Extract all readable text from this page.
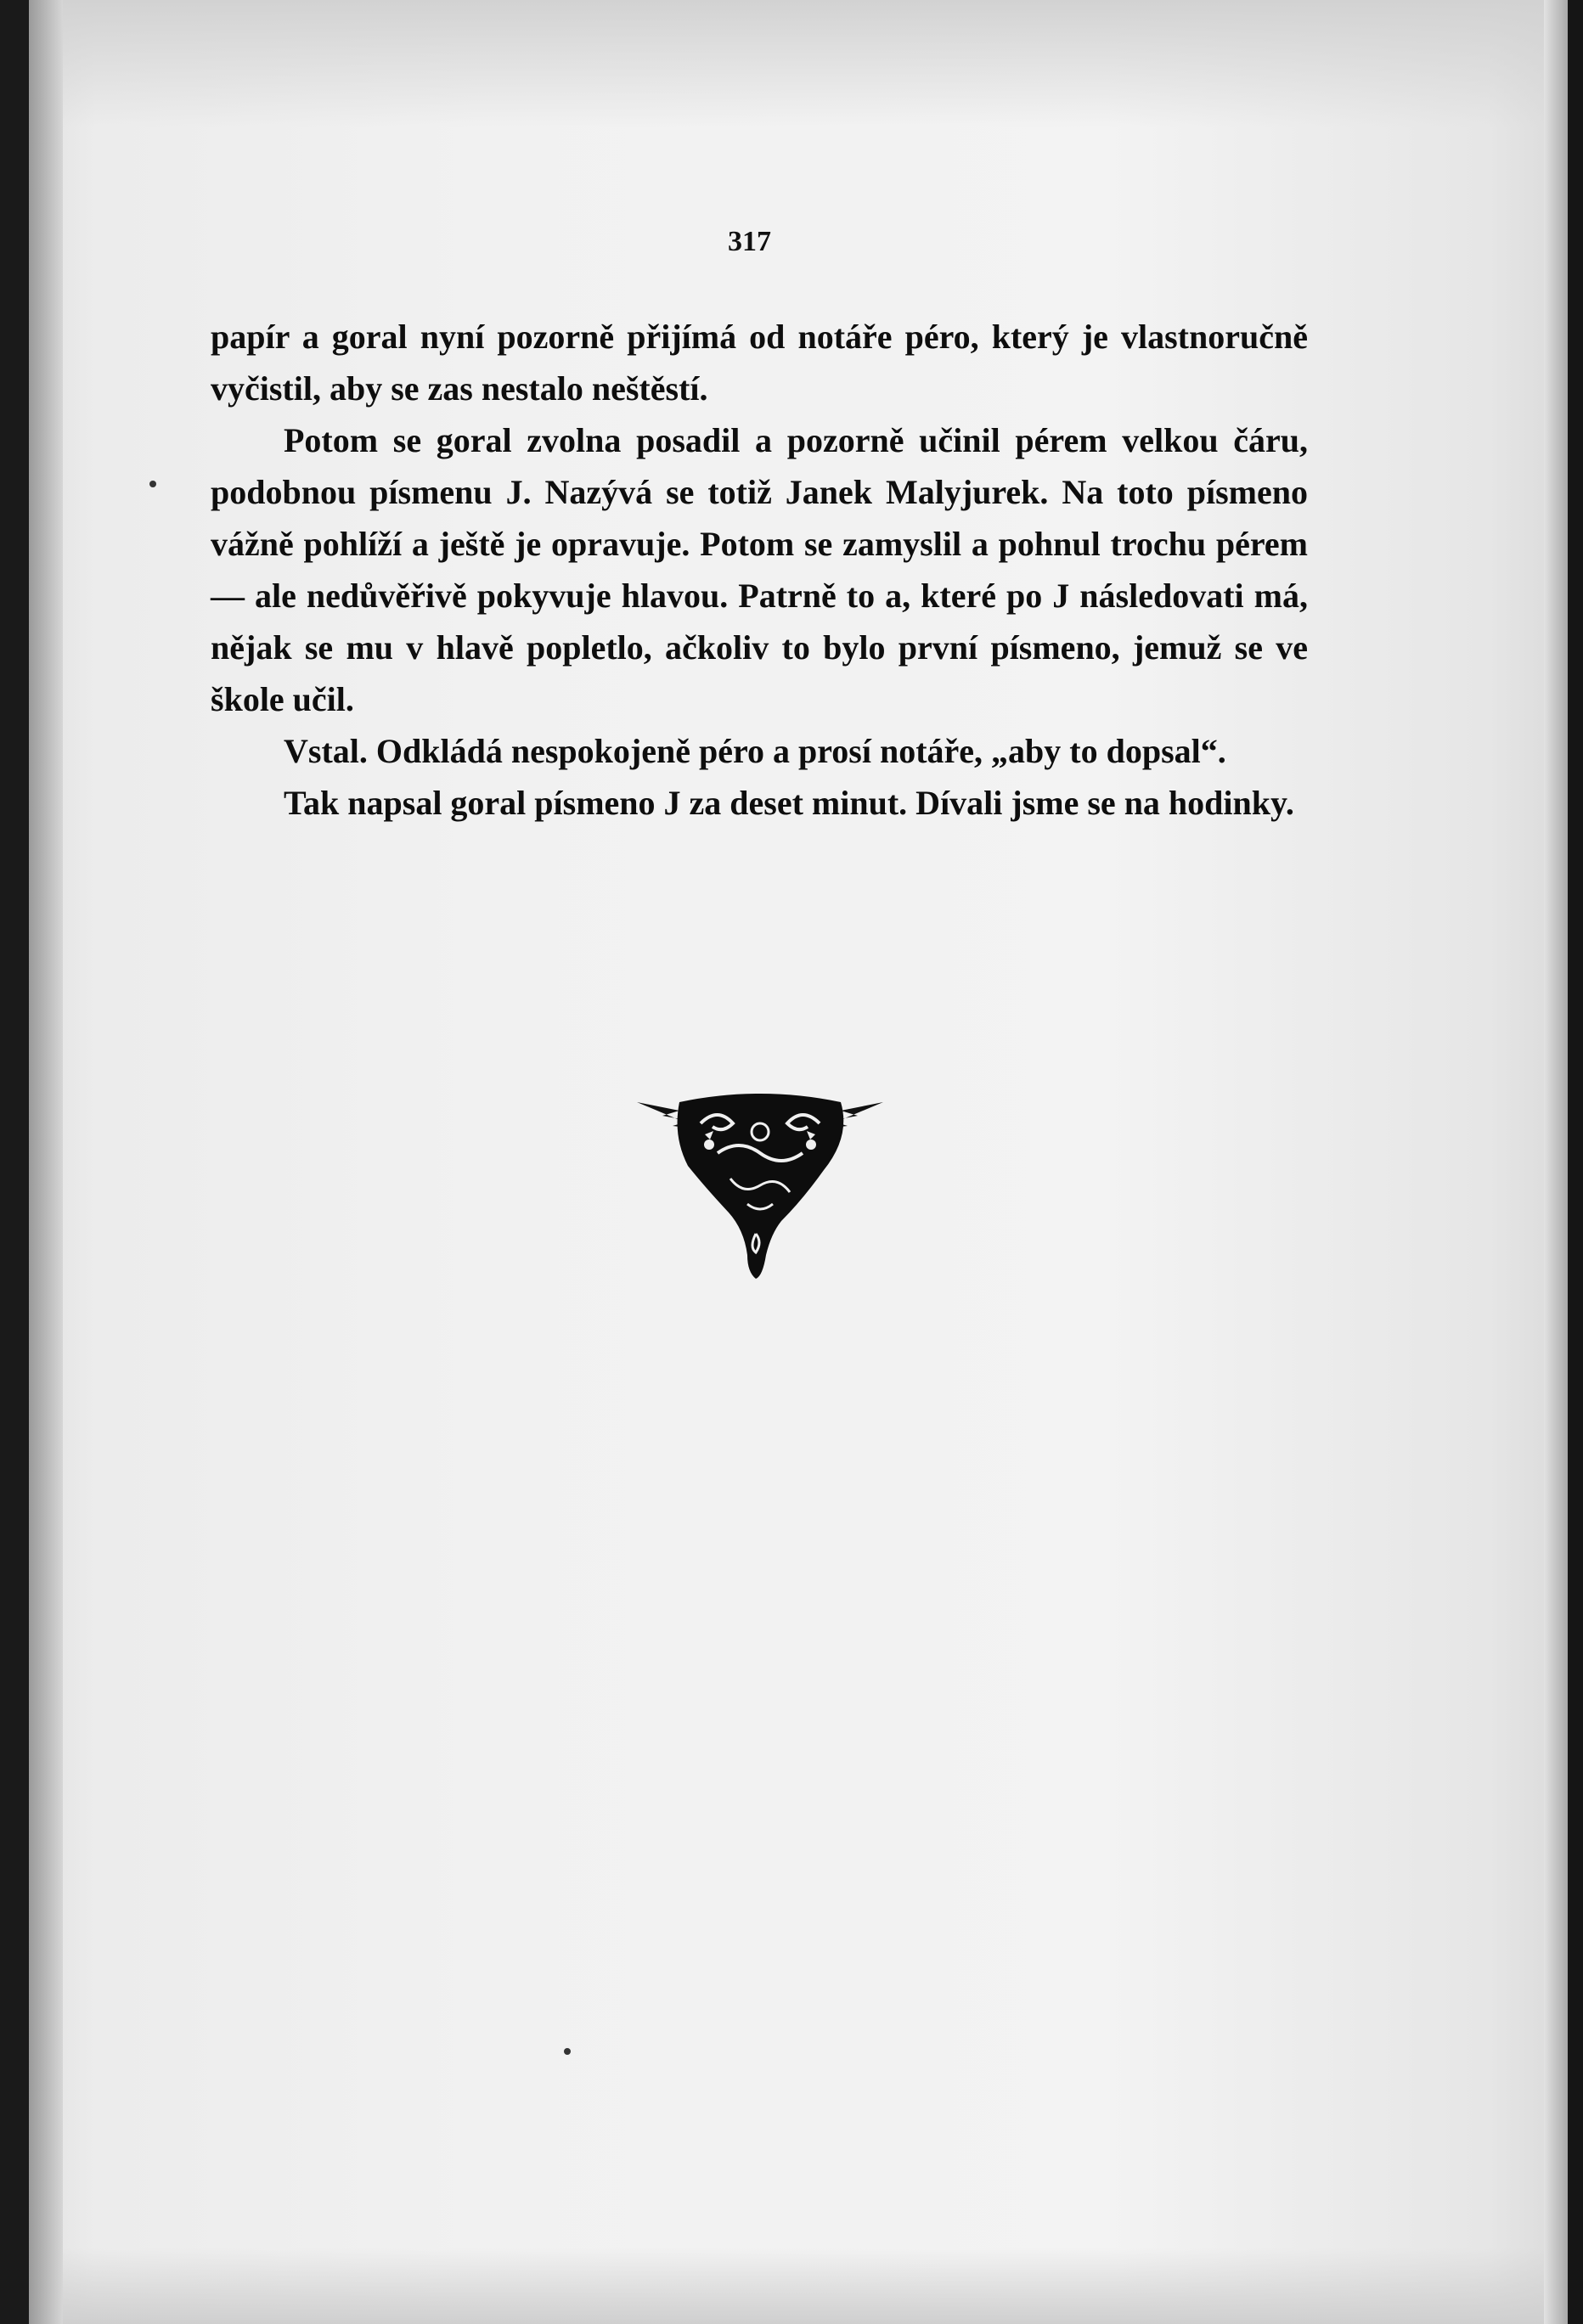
317

papír a goral nyní pozorně přijímá od notáře péro, který je vlastnoručně vyčistil, aby se zas nestalo neštěstí.

Potom se goral zvolna posadil a pozorně učinil pérem velkou čáru, podobnou písmenu J. Nazývá se totiž Janek Malyjurek. Na toto písmeno vážně pohlíží a ještě je opravuje. Potom se zamyslil a pohnul trochu pérem — ale nedůvěřivě pokyvuje hlavou. Patrně to a, které po J následovati má, nějak se mu v hlavě popletlo, ačkoliv to bylo první písmeno, jemuž se ve škole učil.

Vstal. Odkládá nespokojeně péro a prosí notáře, „aby to dopsal“.

Tak napsal goral písmeno J za deset minut. Dívali jsme se na hodinky.
